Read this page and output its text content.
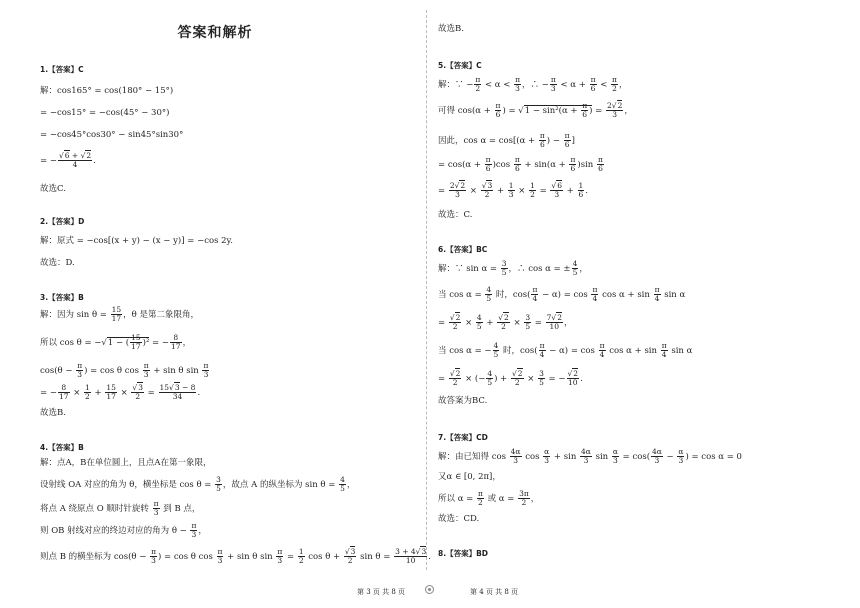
1.【答案】C
解：cos165° = cos(180° − 15°)
= −cos15° = −cos(45° − 30°)
= −cos45°cos30° − sin45°sin30°
= − $\frac{√6 + √2}{4}$ .
故选C.
2.【答案】D
解：原式 = −cos[(x + y) − (x − y)] = −cos 2y.
故选：D.
3.【答案】B
解：因为 $\sin \theta = \frac{15}{17}$ ，θ 是第二象限角，
所以 cos θ = −√1 − ( $\frac{15}{17} )^2$ = − $\frac{8}{17}$ ，
$\cos(\theta - \frac{\pi}{3}$ ) = cos θ $\cos \frac{\pi}{3} + \sin \theta$ $\sin \frac{\pi}{3}$
= − $\frac{8}{17} \times \frac{1}{2} + \frac{15}{17} \times \frac{√3}{2} = \frac{15√3 - 8}{34}$ .
故选B.
4.【答案】B
解：点A，B在单位圆上，且点A在第一象限，
设射线 OA 对应的角为 θ，横坐标是 $\cos \theta = \frac{3}{5}$ ，故点 A 的纵坐标为 $\sin \theta = \frac{4}{5}$ ，
将点 A 绕原点 O 顺时针旋转 $\frac{\pi}{3}$ 到 B 点，
则 OB 射线对应的终边对应的角为 $\theta - \frac{\pi}{3}$ ，
则点 B 的横坐标为 $\cos(\theta - \frac{\pi}{3}$ ) = cos θ $\cos \frac{\pi}{3} + \sin \theta$ $\sin \frac{\pi}{3} = \frac{1}{2}$ $\cos \theta + \frac{√3}{2}$ $\sin \theta = \frac{3 + 4√3}{10}$ .
故选B.
5.【答案】C
解：∵ − $\frac{\pi}{2} < \alpha < \frac{\pi}{3}$ ，∴ − $\frac{\pi}{3} < \alpha + \frac{\pi}{6} < \frac{\pi}{2}$ ，
可得 $\cos(\alpha + \frac{\pi}{6}$ ) = $√1 - \sin^2(\alpha + \frac{\pi}{6}$ ) = $\frac{2√2}{3}$ ，
因此，$\cos \alpha = \cos[(\alpha + \frac{\pi}{6}$ ) − $\frac{\pi}{6}$ ]
= $\cos(\alpha + \frac{\pi}{6} )\cos \frac{\pi}{6} + \sin(\alpha + \frac{\pi}{6} )\sin \frac{\pi}{6}$
= $\frac{2√2}{3} \times \frac{√3}{2} + \frac{1}{3} \times \frac{1}{2} = \frac{√6}{3} + \frac{1}{6}$ .
故选：C.
6.【答案】BC
解：∵ $\sin \alpha = \frac{3}{5}$ ，∴ cos α = ± $\frac{4}{5}$ ，
当 $\cos \alpha = \frac{4}{5}$ 时，$\cos( \frac{\pi}{4} - \alpha) = \cos \frac{\pi}{4}$ $\cos \alpha + \sin \frac{\pi}{4}$ sin α
= $\frac{√2}{2} \times \frac{4}{5} + \frac{√2}{2} \times \frac{3}{5} = \frac{7√2}{10}$ ，
当 cos α = − $\frac{4}{5}$ 时，$\cos( \frac{\pi}{4} - \alpha) = \cos \frac{\pi}{4}$ $\cos \alpha + \sin \frac{\pi}{4}$ sin α
= $\frac{√2}{2}$ × (− $\frac{4}{5}$ ) + $\frac{√2}{2} \times \frac{3}{5}$ = − $\frac{√2}{10}$ .
故答案为BC.
7.【答案】CD
解：由已知得 $\cos \frac{4\alpha}{3}$ $\cos \frac{\alpha}{3} + \sin \frac{4\alpha}{3}$ $\sin \frac{\alpha}{3} = \cos( \frac{4\alpha}{3} - \frac{\alpha}{3}$ ) = cos α = 0
又α ∈ [0, 2π]，
所以 $\alpha = \frac{\pi}{2}$ 或 $\alpha = \frac{3\pi}{2}$ ，
故选：CD.
8.【答案】BD
答案和解析
第 3 页 共 8 页	第 4 页 共 8 页
